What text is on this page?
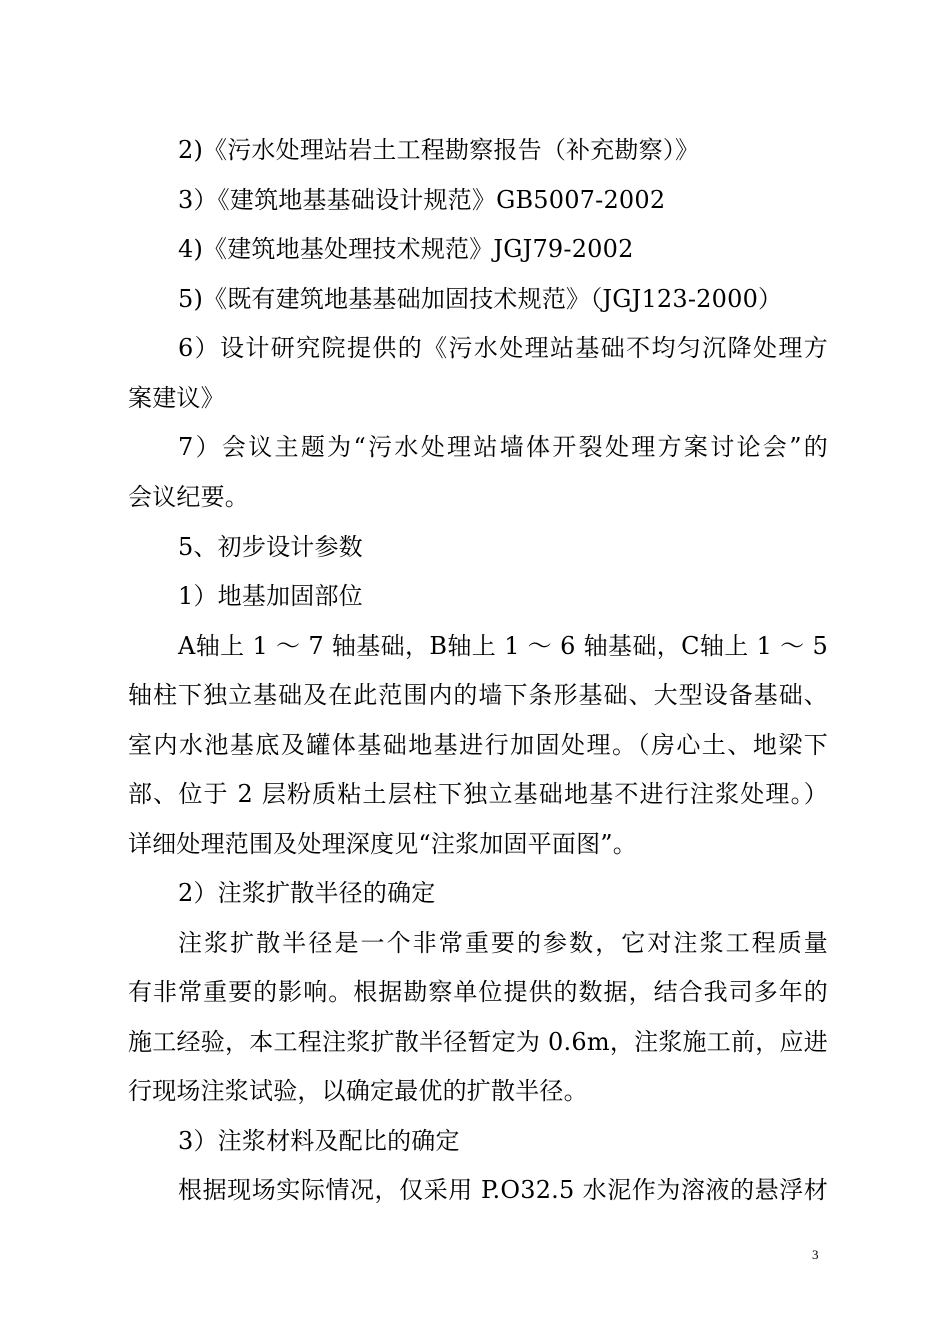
2)《污水处理站岩土工程勘察报告（补充勘察）》
3）《建筑地基基础设计规范》GB5007-2002
4)《建筑地基处理技术规范》JGJ79-2002
5)《既有建筑地基基础加固技术规范》（JGJ123-2000）
6）设计研究院提供的《污水处理站基础不均匀沉降处理方
案建议》
7）会议主题为“污水处理站墙体开裂处理方案讨论会”的
会议纪要。
5、初步设计参数
1）地基加固部位
A轴上 1 ～ 7 轴基础，B轴上 1 ～ 6 轴基础，C轴上 1 ～ 5
轴柱下独立基础及在此范围内的墙下条形基础、大型设备基础、
室内水池基底及罐体基础地基进行加固处理。（房心土、地梁下
部、位于 2 层粉质粘土层柱下独立基础地基不进行注浆处理。）
详细处理范围及处理深度见“注浆加固平面图”。
2）注浆扩散半径的确定
注浆扩散半径是一个非常重要的参数，它对注浆工程质量
有非常重要的影响。根据勘察单位提供的数据，结合我司多年的
施工经验，本工程注浆扩散半径暂定为 0.6m，注浆施工前，应进
行现场注浆试验，以确定最优的扩散半径。
3）注浆材料及配比的确定
根据现场实际情况，仅采用 P.O32.5 水泥作为溶液的悬浮材
3
